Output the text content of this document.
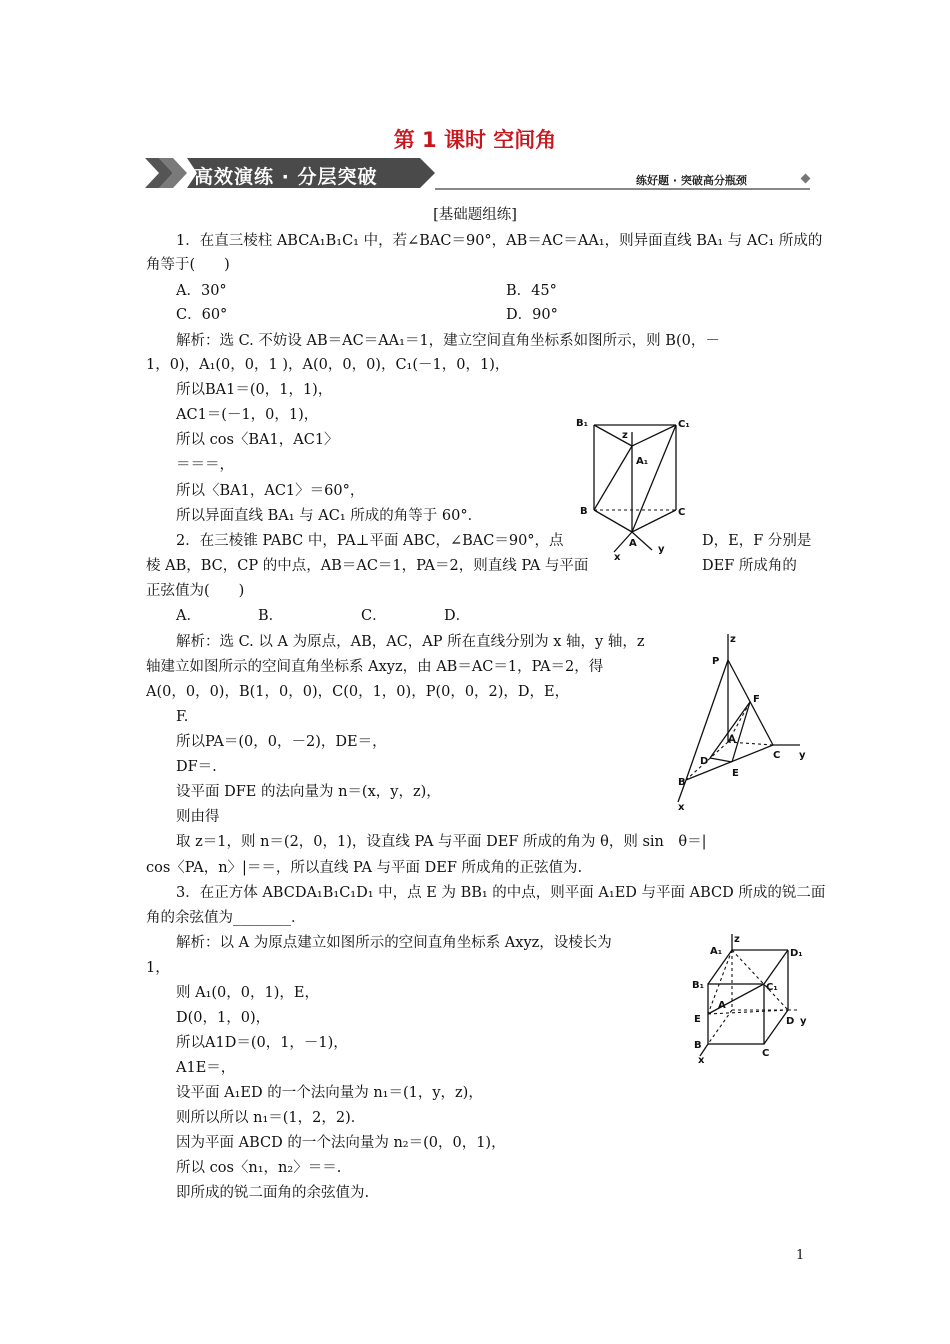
第 1 课时 空间角
高效演练 · 分层突破	练好题 · 突破高分瓶颈
[基础题组练]
1．在直三棱柱 ABCA₁B₁C₁ 中，若∠BAC＝90°，AB＝AC＝AA₁，则异面直线 BA₁ 与 AC₁ 所成的
角等于(　　)
A．30°	B．45°
C．60°	D．90°
解析：选 C. 不妨设 AB＝AC＝AA₁＝1，建立空间直角坐标系如图所示，则 B(0，－
1，0)，A₁(0，0，1 )，A(0，0，0)，C₁(－1，0，1)，
所以BA1＝(0，1，1)，
AC1＝(－1，0，1)，
所以 cos〈BA1，AC1〉
＝＝＝，
所以〈BA1，AC1〉＝60°，
所以异面直线 BA₁ 与 AC₁ 所成的角等于 60°．
2．在三棱锥 PABC 中，PA⊥平面 ABC，∠BAC＝90°，点	D，E，F 分别是
棱 AB，BC，CP 的中点，AB＝AC＝1，PA＝2，则直线 PA 与平面	DEF 所成角的
正弦值为(　　)
A．	B．	C．	D．
解析：选 C. 以 A 为原点，AB，AC，AP 所在直线分别为 x 轴，y 轴，z
轴建立如图所示的空间直角坐标系 Axyz，由 AB＝AC＝1，PA＝2，得
A(0，0，0)，B(1，0，0)，C(0，1，0)，P(0，0，2)，D，E，
F.
所以PA＝(0，0，－2)，DE＝，
DF＝.
设平面 DFE 的法向量为 n＝(x，y，z)，
则由得
取 z＝1，则 n＝(2，0，1)，设直线 PA 与平面 DEF 所成的角为 θ，则 sin　θ＝|
cos〈PA，n〉|＝＝，所以直线 PA 与平面 DEF 所成角的正弦值为.
3．在正方体 ABCDA₁B₁C₁D₁ 中，点 E 为 BB₁ 的中点，则平面 A₁ED 与平面 ABCD 所成的锐二面
角的余弦值为________．
解析：以 A 为原点建立如图所示的空间直角坐标系 Axyz，设棱长为
1，
则 A₁(0，0，1)，E，
D(0，1，0)，
所以A1D＝(0，1，－1)，
A1E＝，
设平面 A₁ED 的一个法向量为 n₁＝(1，y，z)，
则所以所以 n₁＝(1，2，2)．
因为平面 ABCD 的一个法向量为 n₂＝(0，0，1)，
所以 cos〈n₁，n₂〉＝＝.
即所成的锐二面角的余弦值为.
B₁	C₁
z
A₁
B	C
A
x
y
z
P
F
A
D
C y
E
B
x
A₁
z
D₁
B₁	C₁
A
E	D y
B
C
x
1
